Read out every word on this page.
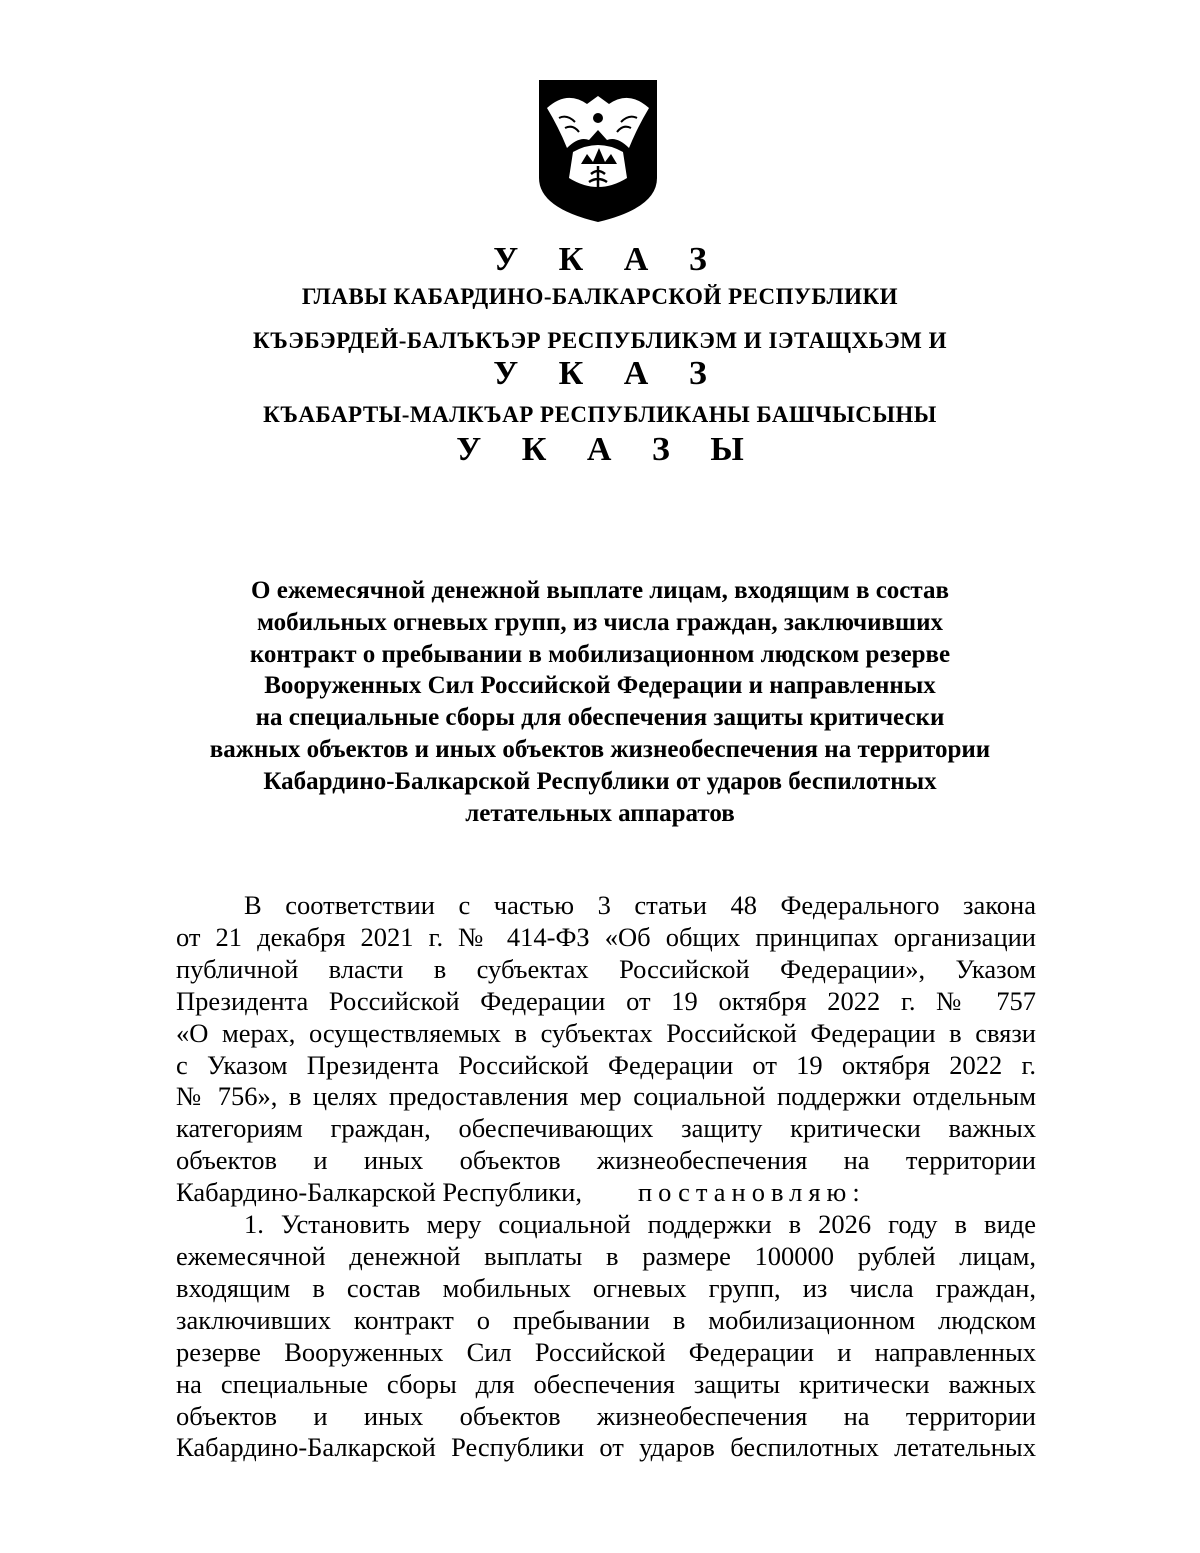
У К А З

ГЛАВЫ КАБАРДИНО-БАЛКАРСКОЙ РЕСПУБЛИКИ

КЪЭБЭРДЕЙ-БАЛЪКЪЭР РЕСПУБЛИКЭМ И ІЭТАЩХЬЭМ И

У К А З

КЪАБАРТЫ-МАЛКЪАР РЕСПУБЛИКАНЫ БАШЧЫСЫНЫ

У К А З Ы

О ежемесячной денежной выплате лицам, входящим в состав
мобильных огневых групп, из числа граждан, заключивших
контракт о пребывании в мобилизационном людском резерве
Вооруженных Сил Российской Федерации и направленных
на специальные сборы для обеспечения защиты критически
важных объектов и иных объектов жизнеобеспечения на территории
Кабардино-Балкарской Республики от ударов беспилотных
летательных аппаратов

В соответствии с частью 3 статьи 48 Федерального закона
от 21 декабря 2021 г. № 414-ФЗ «Об общих принципах организации
публичной власти в субъектах Российской Федерации», Указом
Президента Российской Федерации от 19 октября 2022 г. № 757
«О мерах, осуществляемых в субъектах Российской Федерации в связи
с Указом Президента Российской Федерации от 19 октября 2022 г.
№ 756», в целях предоставления мер социальной поддержки отдельным
категориям граждан, обеспечивающих защиту критически важных
объектов и иных объектов жизнеобеспечения на территории
Кабардино-Балкарской Республики, постановляю:

1. Установить меру социальной поддержки в 2026 году в виде
ежемесячной денежной выплаты в размере 100000 рублей лицам,
входящим в состав мобильных огневых групп, из числа граждан,
заключивших контракт о пребывании в мобилизационном людском
резерве Вооруженных Сил Российской Федерации и направленных
на специальные сборы для обеспечения защиты критически важных
объектов и иных объектов жизнеобеспечения на территории
Кабардино-Балкарской Республики от ударов беспилотных летательных
